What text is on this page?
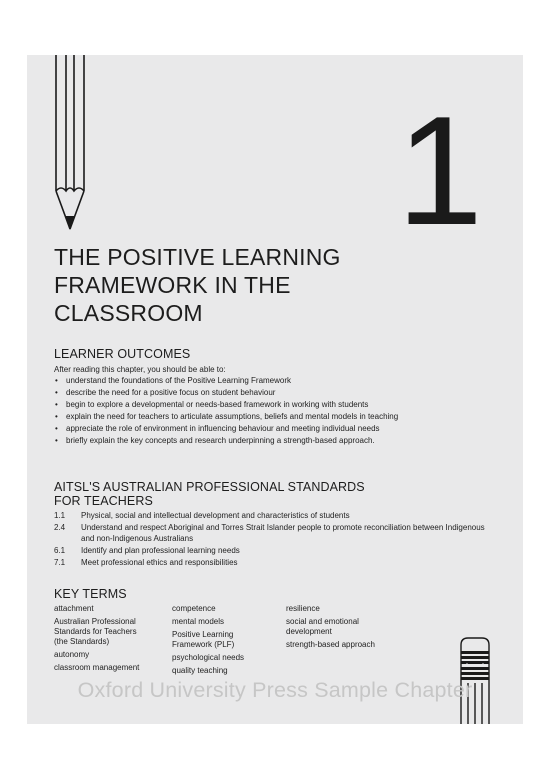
1
THE POSITIVE LEARNING
FRAMEWORK IN THE
CLASSROOM
LEARNER OUTCOMES

After reading this chapter, you should be able to:

• understand the foundations of the Positive Learning Framework
• describe the need for a positive focus on student behaviour
• begin to explore a developmental or needs-based framework in working with students
• explain the need for teachers to articulate assumptions, beliefs and mental models in teaching
• appreciate the role of environment in influencing behaviour and meeting individual needs
• briefly explain the key concepts and research underpinning a strength-based approach.
AITSL'S AUSTRALIAN PROFESSIONAL STANDARDS
FOR TEACHERS
1.1	Physical, social and intellectual development and characteristics of students
2.4	Understand and respect Aboriginal and Torres Strait Islander people to promote reconciliation between Indigenous and non-Indigenous Australians
6.1	Identify and plan professional learning needs
7.1	Meet professional ethics and responsibilities
KEY TERMS
attachment
Australian Professional Standards for Teachers (the Standards)
autonomy
classroom management
competence
mental models
Positive Learning Framework (PLF)
psychological needs
quality teaching
resilience
social and emotional development
strength-based approach
Oxford University Press Sample Chapter
